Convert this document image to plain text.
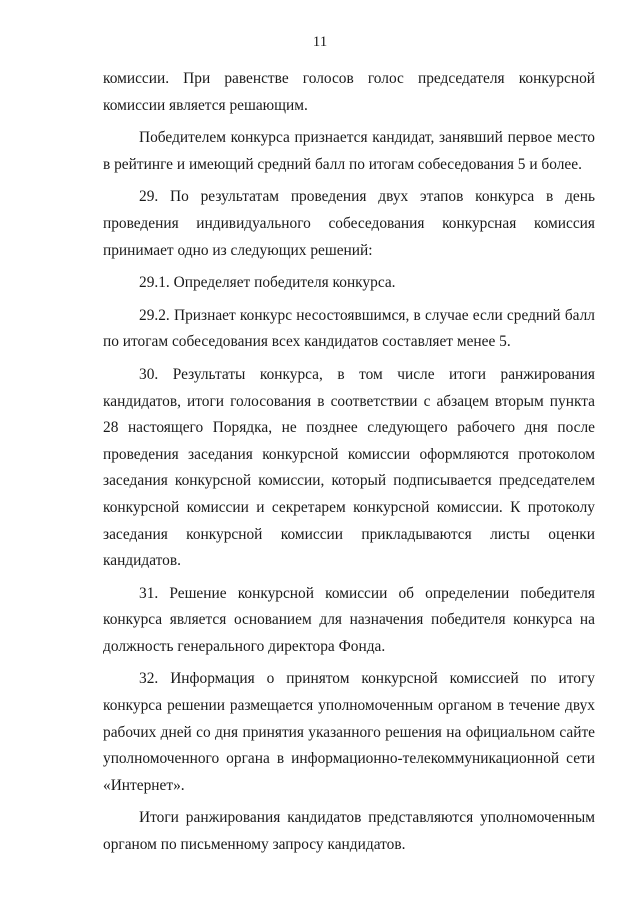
11

комиссии. При равенстве голосов голос председателя конкурсной комиссии является решающим.

Победителем конкурса признается кандидат, занявший первое место в рейтинге и имеющий средний балл по итогам собеседования 5 и более.

29. По результатам проведения двух этапов конкурса в день проведения индивидуального собеседования конкурсная комиссия принимает одно из следующих решений:

29.1. Определяет победителя конкурса.

29.2. Признает конкурс несостоявшимся, в случае если средний балл по итогам собеседования всех кандидатов составляет менее 5.

30. Результаты конкурса, в том числе итоги ранжирования кандидатов, итоги голосования в соответствии с абзацем вторым пункта 28 настоящего Порядка, не позднее следующего рабочего дня после проведения заседания конкурсной комиссии оформляются протоколом заседания конкурсной комиссии, который подписывается председателем конкурсной комиссии и секретарем конкурсной комиссии. К протоколу заседания конкурсной комиссии прикладываются листы оценки кандидатов.

31. Решение конкурсной комиссии об определении победителя конкурса является основанием для назначения победителя конкурса на должность генерального директора Фонда.

32. Информация о принятом конкурсной комиссией по итогу конкурса решении размещается уполномоченным органом в течение двух рабочих дней со дня принятия указанного решения на официальном сайте уполномоченного органа в информационно-телекоммуникационной сети «Интернет».

Итоги ранжирования кандидатов представляются уполномоченным органом по письменному запросу кандидатов.
